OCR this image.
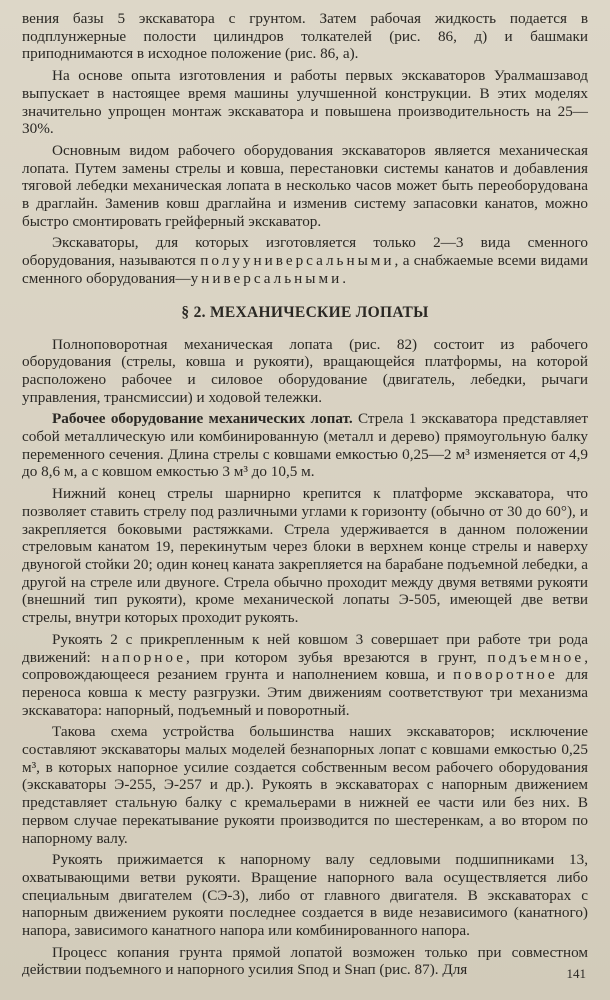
вения базы 5 экскаватора с грунтом. Затем рабочая жидкость подается в подплунжерные полости цилиндров толкателей (рис. 86, д) и башмаки приподнимаются в исходное положение (рис. 86, а).

На основе опыта изготовления и работы первых экскаваторов Уралмашзавод выпускает в настоящее время машины улучшенной конструкции. В этих моделях значительно упрощен монтаж экскаватора и повышена производительность на 25—30%.

Основным видом рабочего оборудования экскаваторов является механическая лопата. Путем замены стрелы и ковша, перестановки системы канатов и добавления тяговой лебедки механическая лопата в несколько часов может быть переоборудована в драглайн. Заменив ковш драглайна и изменив систему запасовки канатов, можно быстро смонтировать грейферный экскаватор.

Экскаваторы, для которых изготовляется только 2—3 вида сменного оборудования, называются полууниверсальными, а снабжаемые всеми видами сменного оборудования—универсальными.

§ 2. МЕХАНИЧЕСКИЕ ЛОПАТЫ

Полноповоротная механическая лопата (рис. 82) состоит из рабочего оборудования (стрелы, ковша и рукояти), вращающейся платформы, на которой расположено рабочее и силовое оборудование (двигатель, лебедки, рычаги управления, трансмиссии) и ходовой тележки.

Рабочее оборудование механических лопат. Стрела 1 экскаватора представляет собой металлическую или комбинированную (металл и дерево) прямоугольную балку переменного сечения. Длина стрелы с ковшами емкостью 0,25—2 м³ изменяется от 4,9 до 8,6 м, а с ковшом емкостью 3 м³ до 10,5 м.

Нижний конец стрелы шарнирно крепится к платформе экскаватора, что позволяет ставить стрелу под различными углами к горизонту (обычно от 30 до 60°), и закрепляется боковыми растяжками. Стрела удерживается в данном положении стреловым канатом 19, перекинутым через блоки в верхнем конце стрелы и наверху двуногой стойки 20; один конец каната закрепляется на барабане подъемной лебедки, а другой на стреле или двуноге. Стрела обычно проходит между двумя ветвями рукояти (внешний тип рукояти), кроме механической лопаты Э-505, имеющей две ветви стрелы, внутри которых проходит рукоять.

Рукоять 2 с прикрепленным к ней ковшом 3 совершает при работе три рода движений: напорное, при котором зубья врезаются в грунт, подъемное, сопровождающееся резанием грунта и наполнением ковша, и поворотное для переноса ковша к месту разгрузки. Этим движениям соответствуют три механизма экскаватора: напорный, подъемный и поворотный.

Такова схема устройства большинства наших экскаваторов; исключение составляют экскаваторы малых моделей безнапорных лопат с ковшами емкостью 0,25 м³, в которых напорное усилие создается собственным весом рабочего оборудования (экскаваторы Э-255, Э-257 и др.). Рукоять в экскаваторах с напорным движением представляет стальную балку с кремальерами в нижней ее части или без них. В первом случае перекатывание рукояти производится по шестеренкам, а во втором по напорному валу.

Рукоять прижимается к напорному валу седловыми подшипниками 13, охватывающими ветви рукояти. Вращение напорного вала осуществляется либо специальным двигателем (СЭ-3), либо от главного двигателя. В экскаваторах с напорным движением рукояти последнее создается в виде независимого (канатного) напора, зависимого канатного напора или комбинированного напора.

Процесс копания грунта прямой лопатой возможен только при совместном действии подъемного и напорного усилия Sпод и Sнап (рис. 87). Для	141
